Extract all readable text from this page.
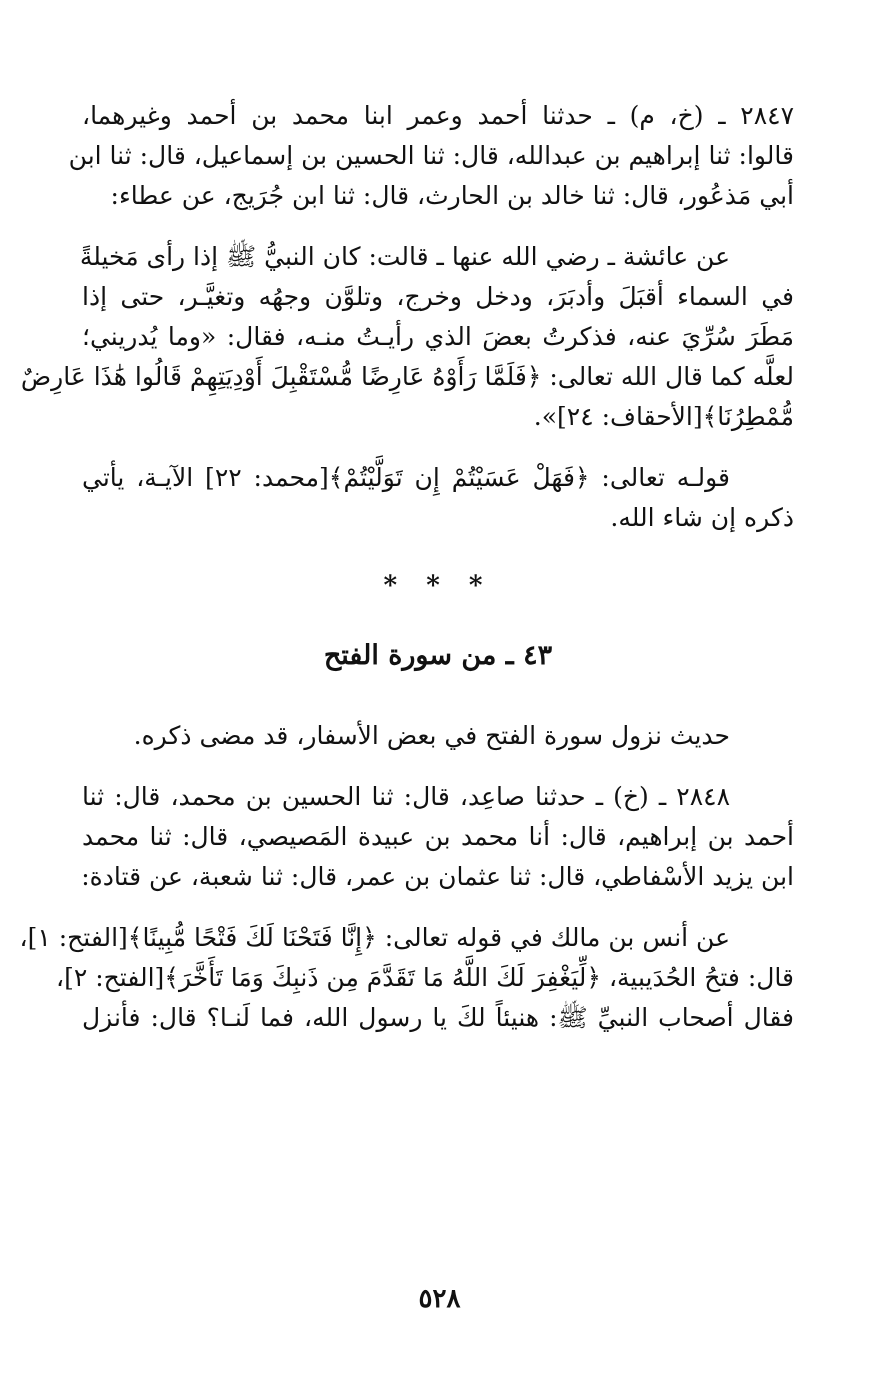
٢٨٤٧ ـ (خ، م) ـ حدثنا أحمد وعمر ابنا محمد بن أحمد وغيرهما،
قالوا: ثنا إبراهيم بن عبدالله، قال: ثنا الحسين بن إسماعيل، قال: ثنا ابن
أبي مَذعُور، قال: ثنا خالد بن الحارث، قال: ثنا ابن جُرَيج، عن عطاء:
عن عائشة ـ رضي الله عنها ـ قالت: كان النبيُّ ﷺ إذا رأى مَخيلةً
في السماء أقبَلَ وأدبَرَ، ودخل وخرج، وتلوَّن وجهُه وتغيَّـر، حتى إذا
مَطَرَ سُرِّيَ عنه، فذكرتُ بعضَ الذي رأيـتُ منـه، فقال: «وما يُدريني؛
لعلَّه كما قال الله تعالى: ﴿فَلَمَّا رَأَوْهُ عَارِضًا مُّسْتَقْبِلَ أَوْدِيَتِهِمْ قَالُوا هَٰذَا عَارِضٌ
مُّمْطِرُنَا﴾[الأحقاف: ٢٤]».
قولـه تعالى: ﴿فَهَلْ عَسَيْتُمْ إِن تَوَلَّيْتُمْ﴾[محمد: ٢٢] الآيـة، يأتي
ذكره إن شاء الله.
* * *
٤٣ ـ من سورة الفتح
حديث نزول سورة الفتح في بعض الأسفار، قد مضى ذكره.
٢٨٤٨ ـ (خ) ـ حدثنا صاعِد، قال: ثنا الحسين بن محمد، قال: ثنا
أحمد بن إبراهيم، قال: أنا محمد بن عبيدة المَصيصي، قال: ثنا محمد
ابن يزيد الأسْفاطي، قال: ثنا عثمان بن عمر، قال: ثنا شعبة، عن قتادة:
عن أنس بن مالك في قوله تعالى: ﴿إِنَّا فَتَحْنَا لَكَ فَتْحًا مُّبِينًا﴾[الفتح: ١]،
قال: فتحُ الحُدَيبية، ﴿لِّيَغْفِرَ لَكَ اللَّهُ مَا تَقَدَّمَ مِن ذَنبِكَ وَمَا تَأَخَّرَ﴾[الفتح: ٢]،
فقال أصحاب النبيِّ ﷺ: هنيئاً لكَ يا رسول الله، فما لَنـا؟ قال: فأنزل
٥٢٨
